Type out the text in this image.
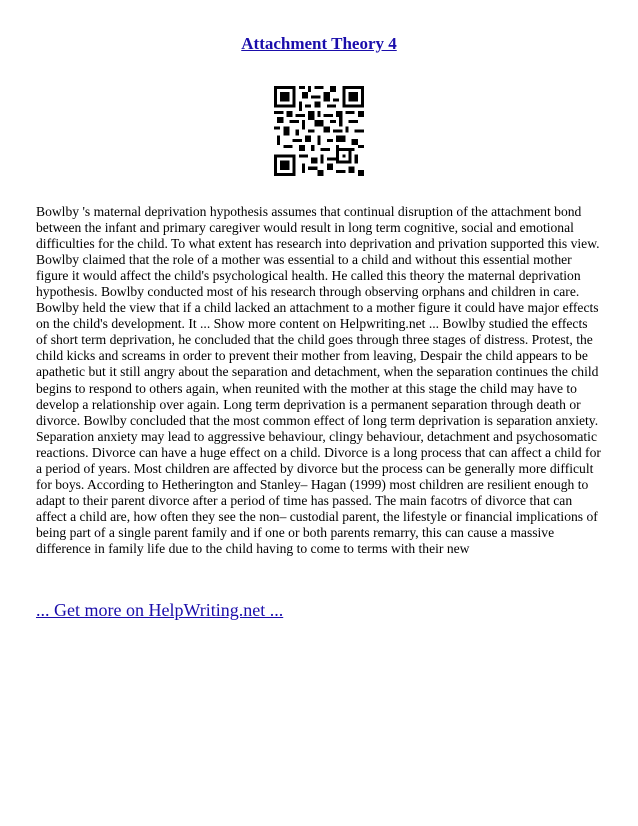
Attachment Theory 4

Bowlby 's maternal deprivation hypothesis assumes that continual disruption of the attachment bond between the infant and primary caregiver would result in long term cognitive, social and emotional difficulties for the child. To what extent has research into deprivation and privation supported this view. Bowlby claimed that the role of a mother was essential to a child and without this essential mother figure it would affect the child's psychological health. He called this theory the maternal deprivation hypothesis. Bowlby conducted most of his research through observing orphans and children in care. Bowlby held the view that if a child lacked an attachment to a mother figure it could have major effects on the child's development. It ... Show more content on Helpwriting.net ... Bowlby studied the effects of short term deprivation, he concluded that the child goes through three stages of distress. Protest, the child kicks and screams in order to prevent their mother from leaving, Despair the child appears to be apathetic but it still angry about the separation and detachment, when the separation continues the child begins to respond to others again, when reunited with the mother at this stage the child may have to develop a relationship over again. Long term deprivation is a permanent separation through death or divorce. Bowlby concluded that the most common effect of long term deprivation is separation anxiety. Separation anxiety may lead to aggressive behaviour, clingy behaviour, detachment and psychosomatic reactions. Divorce can have a huge effect on a child. Divorce is a long process that can affect a child for a period of years. Most children are affected by divorce but the process can be generally more difficult for boys. According to Hetherington and Stanley– Hagan (1999) most children are resilient enough to adapt to their parent divorce after a period of time has passed. The main facotrs of divorce that can affect a child are, how often they see the non– custodial parent, the lifestyle or financial implications of being part of a single parent family and if one or both parents remarry, this can cause a massive difference in family life due to the child having to come to terms with their new

... Get more on HelpWriting.net ...
